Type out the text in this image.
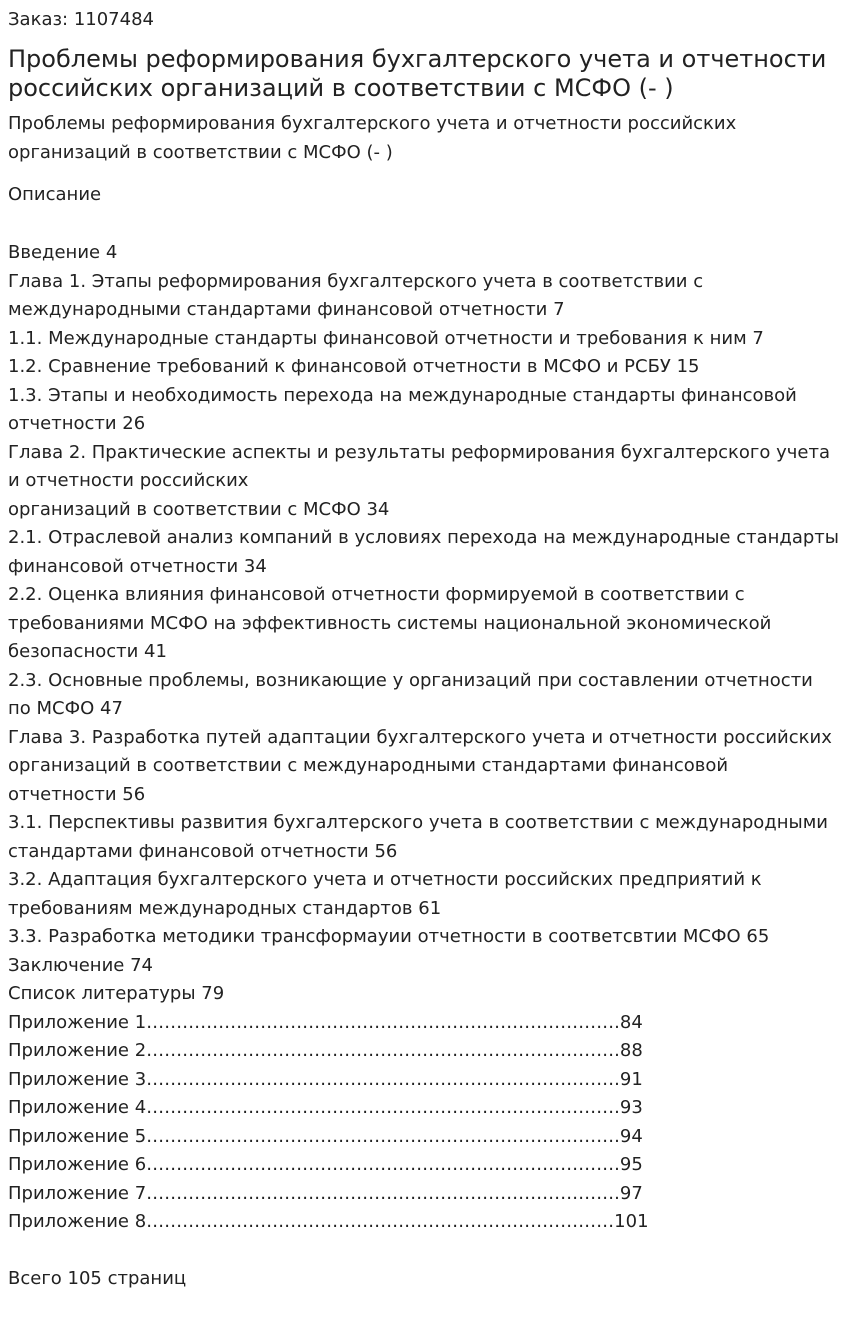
Заказ: 1107484
Проблемы реформирования бухгалтерского учета и отчетности российских организаций в соответствии с МСФО (- )
Проблемы реформирования бухгалтерского учета и отчетности российских организаций в соответствии с МСФО (- )
Описание
Введение 4
Глава 1. Этапы реформирования бухгалтерского учета в соответствии с международными стандартами финансовой отчетности 7
1.1. Международные стандарты финансовой отчетности и требования к ним 7
1.2. Сравнение требований к финансовой отчетности в МСФО и РСБУ 15
1.3. Этапы и необходимость перехода на международные стандарты финансовой отчетности 26
Глава 2. Практические аспекты и результаты реформирования бухгалтерского учета и отчетности российских
организаций в соответствии с МСФО 34
2.1. Отраслевой анализ компаний в условиях перехода на международные стандарты финансовой отчетности 34
2.2. Оценка влияния финансовой отчетности формируемой в соответствии с требованиями МСФО на эффективность системы национальной экономической безопасности 41
2.3. Основные проблемы, возникающие у организаций при составлении отчетности по МСФО 47
Глава 3. Разработка путей адаптации бухгалтерского учета и отчетности российских организаций в соответствии с международными стандартами финансовой отчетности 56
3.1. Перспективы развития бухгалтерского учета в соответствии с международными стандартами финансовой отчетности 56
3.2. Адаптация бухгалтерского учета и отчетности российских предприятий к требованиям международных стандартов 61
3.3. Разработка методики трансформауии отчетности в соответсвтии МСФО 65
Заключение 74
Список литературы 79
Приложение 1…………………………………………………………………….84
Приложение 2…………………………………………………………………….88
Приложение 3…………………………………………………………………….91
Приложение 4…………………………………………………………………….93
Приложение 5…………………………………………………………………….94
Приложение 6…………………………………………………………………….95
Приложение 7…………………………………………………………………….97
Приложение 8……………………………………………………………………101
Всего 105 страниц
